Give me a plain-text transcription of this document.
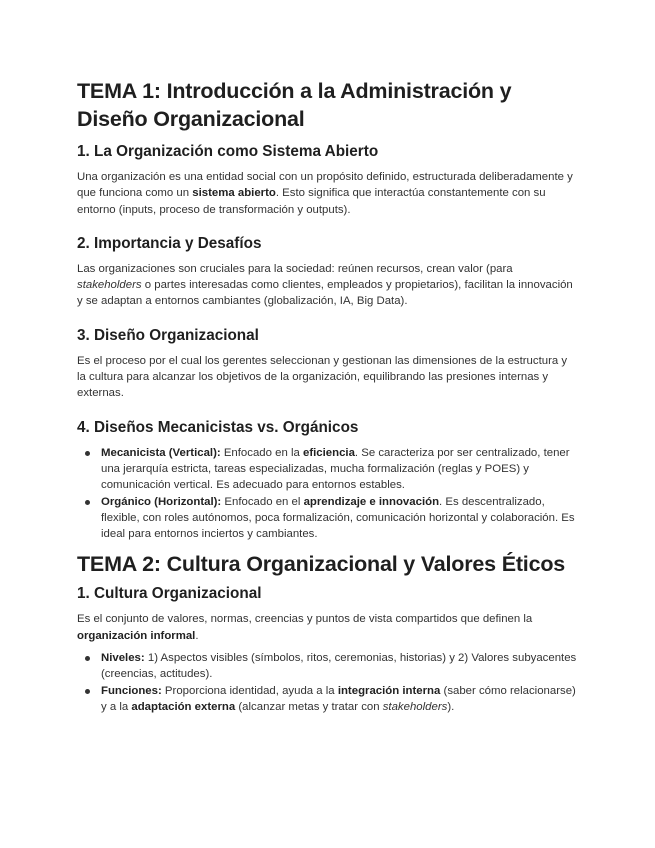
TEMA 1: Introducción a la Administración y Diseño Organizacional
1. La Organización como Sistema Abierto

Una organización es una entidad social con un propósito definido, estructurada deliberadamente y que funciona como un sistema abierto. Esto significa que interactúa constantemente con su entorno (inputs, proceso de transformación y outputs).

2. Importancia y Desafíos

Las organizaciones son cruciales para la sociedad: reúnen recursos, crean valor (para stakeholders o partes interesadas como clientes, empleados y propietarios), facilitan la innovación y se adaptan a entornos cambiantes (globalización, IA, Big Data).

3. Diseño Organizacional

Es el proceso por el cual los gerentes seleccionan y gestionan las dimensiones de la estructura y la cultura para alcanzar los objetivos de la organización, equilibrando las presiones internas y externas.

4. Diseños Mecanicistas vs. Orgánicos
Mecanicista (Vertical): Enfocado en la eficiencia. Se caracteriza por ser centralizado, tener una jerarquía estricta, tareas especializadas, mucha formalización (reglas y POES) y comunicación vertical. Es adecuado para entornos estables.
Orgánico (Horizontal): Enfocado en el aprendizaje e innovación. Es descentralizado, flexible, con roles autónomos, poca formalización, comunicación horizontal y colaboración. Es ideal para entornos inciertos y cambiantes.
TEMA 2: Cultura Organizacional y Valores Éticos
1. Cultura Organizacional

Es el conjunto de valores, normas, creencias y puntos de vista compartidos que definen la organización informal.

Niveles: 1) Aspectos visibles (símbolos, ritos, ceremonias, historias) y 2) Valores subyacentes (creencias, actitudes).
Funciones: Proporciona identidad, ayuda a la integración interna (saber cómo relacionarse) y a la adaptación externa (alcanzar metas y tratar con stakeholders).
